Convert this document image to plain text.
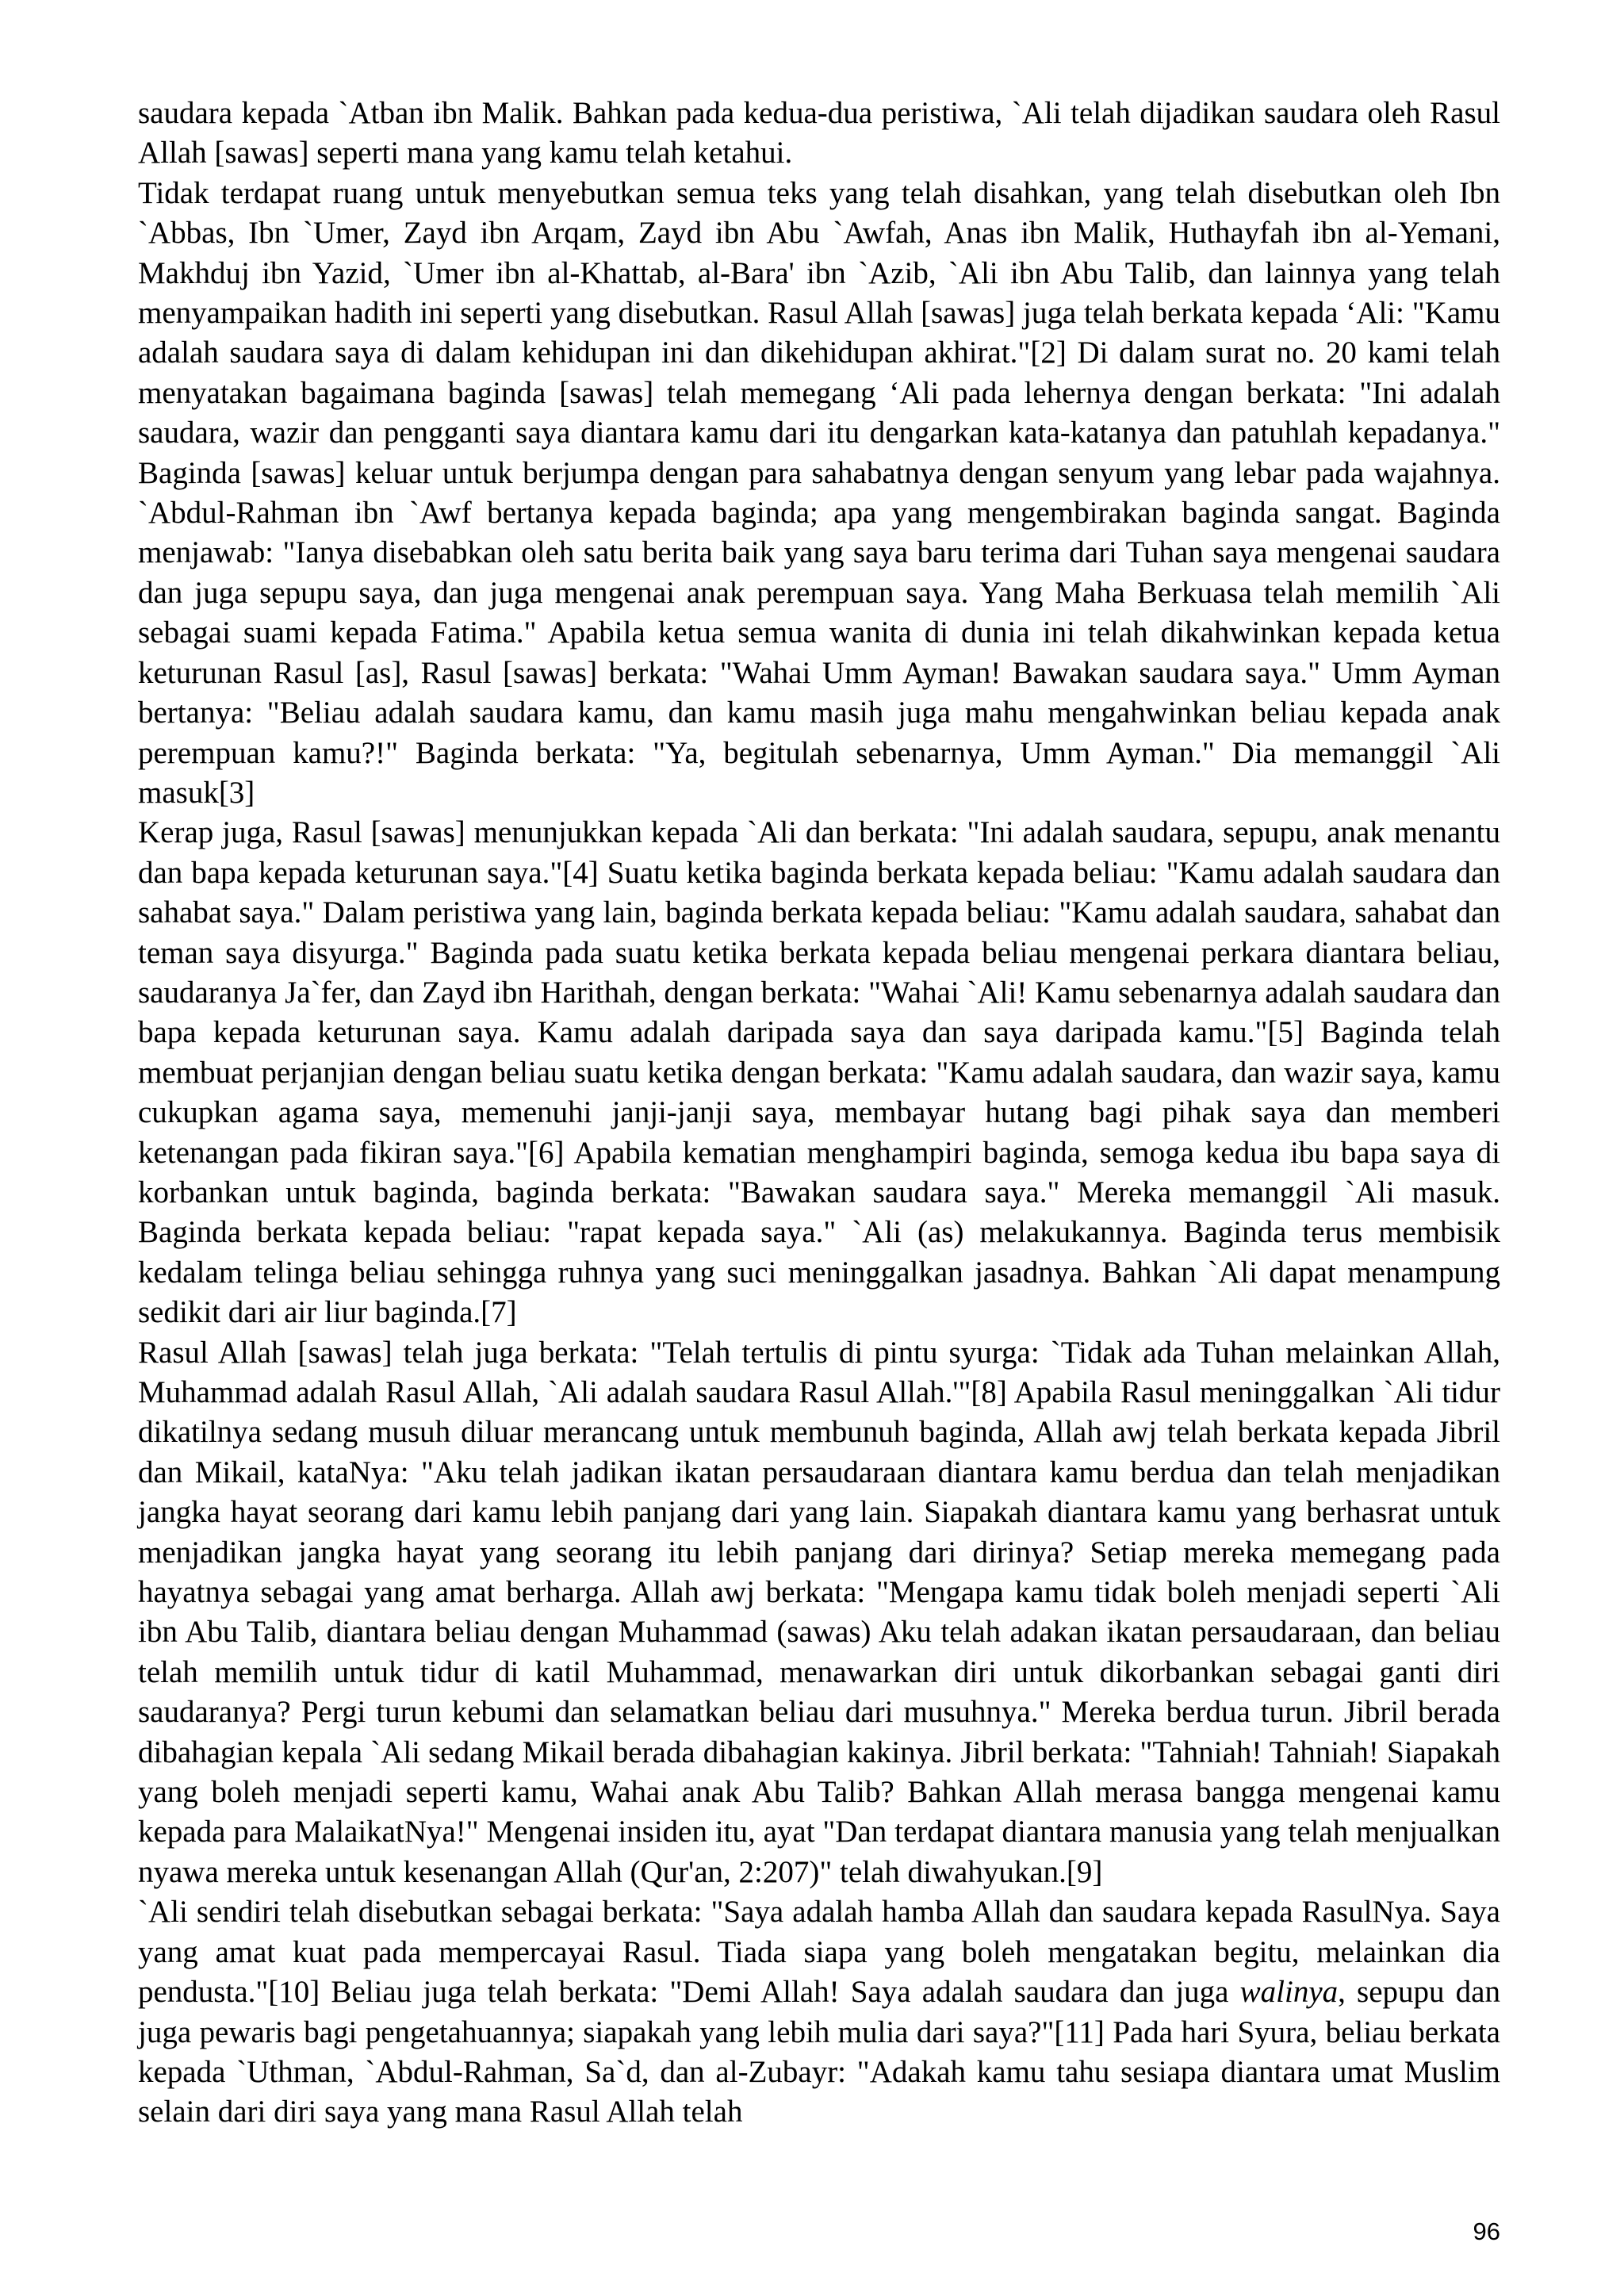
saudara kepada `Atban ibn Malik. Bahkan pada kedua-dua peristiwa, `Ali telah dijadikan saudara oleh Rasul Allah [sawas] seperti mana yang kamu telah ketahui.

Tidak terdapat ruang untuk menyebutkan semua teks yang telah disahkan, yang telah disebutkan oleh Ibn `Abbas, Ibn `Umer, Zayd ibn Arqam, Zayd ibn Abu `Awfah, Anas ibn Malik, Huthayfah ibn al-Yemani, Makhduj ibn Yazid, `Umer ibn al-Khattab, al-Bara' ibn `Azib, `Ali ibn Abu Talib, dan lainnya yang telah menyampaikan hadith ini seperti yang disebutkan. Rasul Allah [sawas] juga telah berkata kepada ‘Ali: "Kamu adalah saudara saya di dalam kehidupan ini dan dikehidupan akhirat."[2] Di dalam surat no. 20 kami telah menyatakan bagaimana baginda [sawas] telah memegang ‘Ali pada lehernya dengan berkata: "Ini adalah saudara, wazir dan pengganti saya diantara kamu dari itu dengarkan kata-katanya dan patuhlah kepadanya." Baginda [sawas] keluar untuk berjumpa dengan para sahabatnya dengan senyum yang lebar pada wajahnya. `Abdul-Rahman ibn `Awf bertanya kepada baginda; apa yang mengembirakan baginda sangat. Baginda menjawab: "Ianya disebabkan oleh satu berita baik yang saya baru terima dari Tuhan saya mengenai saudara dan juga sepupu saya, dan juga mengenai anak perempuan saya. Yang Maha Berkuasa telah memilih `Ali sebagai suami kepada Fatima." Apabila ketua semua wanita di dunia ini telah dikahwinkan kepada ketua keturunan Rasul [as], Rasul [sawas] berkata: "Wahai Umm Ayman! Bawakan saudara saya." Umm Ayman bertanya: "Beliau adalah saudara kamu, dan kamu masih juga mahu mengahwinkan beliau kepada anak perempuan kamu?!" Baginda berkata: "Ya, begitulah sebenarnya, Umm Ayman." Dia memanggil `Ali masuk[3]

Kerap juga, Rasul [sawas] menunjukkan kepada `Ali dan berkata: "Ini adalah saudara, sepupu, anak menantu dan bapa kepada keturunan saya."[4] Suatu ketika baginda berkata kepada beliau: "Kamu adalah saudara dan sahabat saya." Dalam peristiwa yang lain, baginda berkata kepada beliau: "Kamu adalah saudara, sahabat dan teman saya disyurga." Baginda pada suatu ketika berkata kepada beliau mengenai perkara diantara beliau, saudaranya Ja`fer, dan Zayd ibn Harithah, dengan berkata: "Wahai `Ali! Kamu sebenarnya adalah saudara dan bapa kepada keturunan saya. Kamu adalah daripada saya dan saya daripada kamu."[5] Baginda telah membuat perjanjian dengan beliau suatu ketika dengan berkata: "Kamu adalah saudara, dan wazir saya, kamu cukupkan agama saya, memenuhi janji-janji saya, membayar hutang bagi pihak saya dan memberi ketenangan pada fikiran saya."[6] Apabila kematian menghampiri baginda, semoga kedua ibu bapa saya di korbankan untuk baginda, baginda berkata: "Bawakan saudara saya." Mereka memanggil `Ali masuk. Baginda berkata kepada beliau: "rapat kepada saya." `Ali (as) melakukannya. Baginda terus membisik kedalam telinga beliau sehingga ruhnya yang suci meninggalkan jasadnya. Bahkan `Ali dapat menampung sedikit dari air liur baginda.[7]

Rasul Allah [sawas] telah juga berkata: "Telah tertulis di pintu syurga: `Tidak ada Tuhan melainkan Allah, Muhammad adalah Rasul Allah, `Ali adalah saudara Rasul Allah.'"[8] Apabila Rasul meninggalkan `Ali tidur dikatilnya sedang musuh diluar merancang untuk membunuh baginda, Allah awj telah berkata kepada Jibril dan Mikail, kataNya: "Aku telah jadikan ikatan persaudaraan diantara kamu berdua dan telah menjadikan jangka hayat seorang dari kamu lebih panjang dari yang lain. Siapakah diantara kamu yang berhasrat untuk menjadikan jangka hayat yang seorang itu lebih panjang dari dirinya? Setiap mereka memegang pada hayatnya sebagai yang amat berharga. Allah awj berkata: "Mengapa kamu tidak boleh menjadi seperti `Ali ibn Abu Talib, diantara beliau dengan Muhammad (sawas) Aku telah adakan ikatan persaudaraan, dan beliau telah memilih untuk tidur di katil Muhammad, menawarkan diri untuk dikorbankan sebagai ganti diri saudaranya? Pergi turun kebumi dan selamatkan beliau dari musuhnya." Mereka berdua turun. Jibril berada dibahagian kepala `Ali sedang Mikail berada dibahagian kakinya. Jibril berkata: "Tahniah! Tahniah! Siapakah yang boleh menjadi seperti kamu, Wahai anak Abu Talib? Bahkan Allah merasa bangga mengenai kamu kepada para MalaikatNya!" Mengenai insiden itu, ayat "Dan terdapat diantara manusia yang telah menjualkan nyawa mereka untuk kesenangan Allah (Qur'an, 2:207)" telah diwahyukan.[9]

`Ali sendiri telah disebutkan sebagai berkata: "Saya adalah hamba Allah dan saudara kepada RasulNya. Saya yang amat kuat pada mempercayai Rasul. Tiada siapa yang boleh mengatakan begitu, melainkan dia pendusta."[10] Beliau juga telah berkata: "Demi Allah! Saya adalah saudara dan juga walinya, sepupu dan juga pewaris bagi pengetahuannya; siapakah yang lebih mulia dari saya?"[11] Pada hari Syura, beliau berkata kepada `Uthman, `Abdul-Rahman, Sa`d, dan al-Zubayr: "Adakah kamu tahu sesiapa diantara umat Muslim selain dari diri saya yang mana Rasul Allah telah

96
